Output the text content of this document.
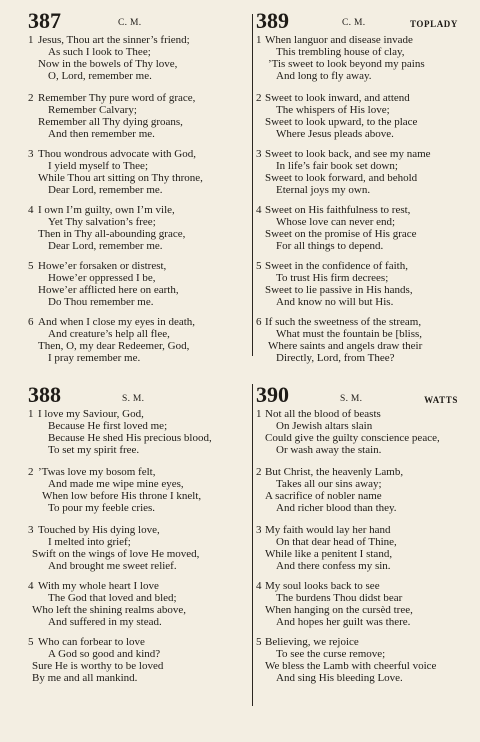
387	C. M.
1 Jesus, Thou art the sinner’s friend;
As such I look to Thee;
Now in the bowels of Thy love,
O, Lord, remember me.
2 Remember Thy pure word of grace,
Remember Calvary;
Remember all Thy dying groans,
And then remember me.
3 Thou wondrous advocate with God,
I yield myself to Thee;
While Thou art sitting on Thy throne,
Dear Lord, remember me.
4 I own I’m guilty, own I’m vile,
Yet Thy salvation’s free;
Then in Thy all-abounding grace,
Dear Lord, remember me.
5 Howe’er forsaken or distrest,
Howe’er oppressed I be,
Howe’er afflicted here on earth,
Do Thou remember me.
6 And when I close my eyes in death,
And creature’s help all flee,
Then, O, my dear Redeemer, God,
I pray remember me.
389	C. M.	TOPLADY
1 When languor and disease invade
This trembling house of clay,
’Tis sweet to look beyond my pains
And long to fly away.
2 Sweet to look inward, and attend
The whispers of His love;
Sweet to look upward, to the place
Where Jesus pleads above.
3 Sweet to look back, and see my name
In life’s fair book set down;
Sweet to look forward, and behold
Eternal joys my own.
4 Sweet on His faithfulness to rest,
Whose love can never end;
Sweet on the promise of His grace
For all things to depend.
5 Sweet in the confidence of faith,
To trust His firm decrees;
Sweet to lie passive in His hands,
And know no will but His.
6 If such the sweetness of the stream,
What must the fountain be [bliss,
Where saints and angels draw their
Directly, Lord, from Thee?
388	S. M.
1 I love my Saviour, God,
Because He first loved me;
Because He shed His precious blood,
To set my spirit free.
2 ’Twas love my bosom felt,
And made me wipe mine eyes,
When low before His throne I knelt,
To pour my feeble cries.
3 Touched by His dying love,
I melted into grief;
Swift on the wings of love He moved,
And brought me sweet relief.
4 With my whole heart I love
The God that loved and bled;
Who left the shining realms above,
And suffered in my stead.
5 Who can forbear to love
A God so good and kind?
Sure He is worthy to be loved
By me and all mankind.
390	S. M.	WATTS
1 Not all the blood of beasts
On Jewish altars slain
Could give the guilty conscience peace,
Or wash away the stain.
2 But Christ, the heavenly Lamb,
Takes all our sins away;
A sacrifice of nobler name
And richer blood than they.
3 My faith would lay her hand
On that dear head of Thine,
While like a penitent I stand,
And there confess my sin.
4 My soul looks back to see
The burdens Thou didst bear
When hanging on the cursèd tree,
And hopes her guilt was there.
5 Believing, we rejoice
To see the curse remove;
We bless the Lamb with cheerful voice
And sing His bleeding Love.
